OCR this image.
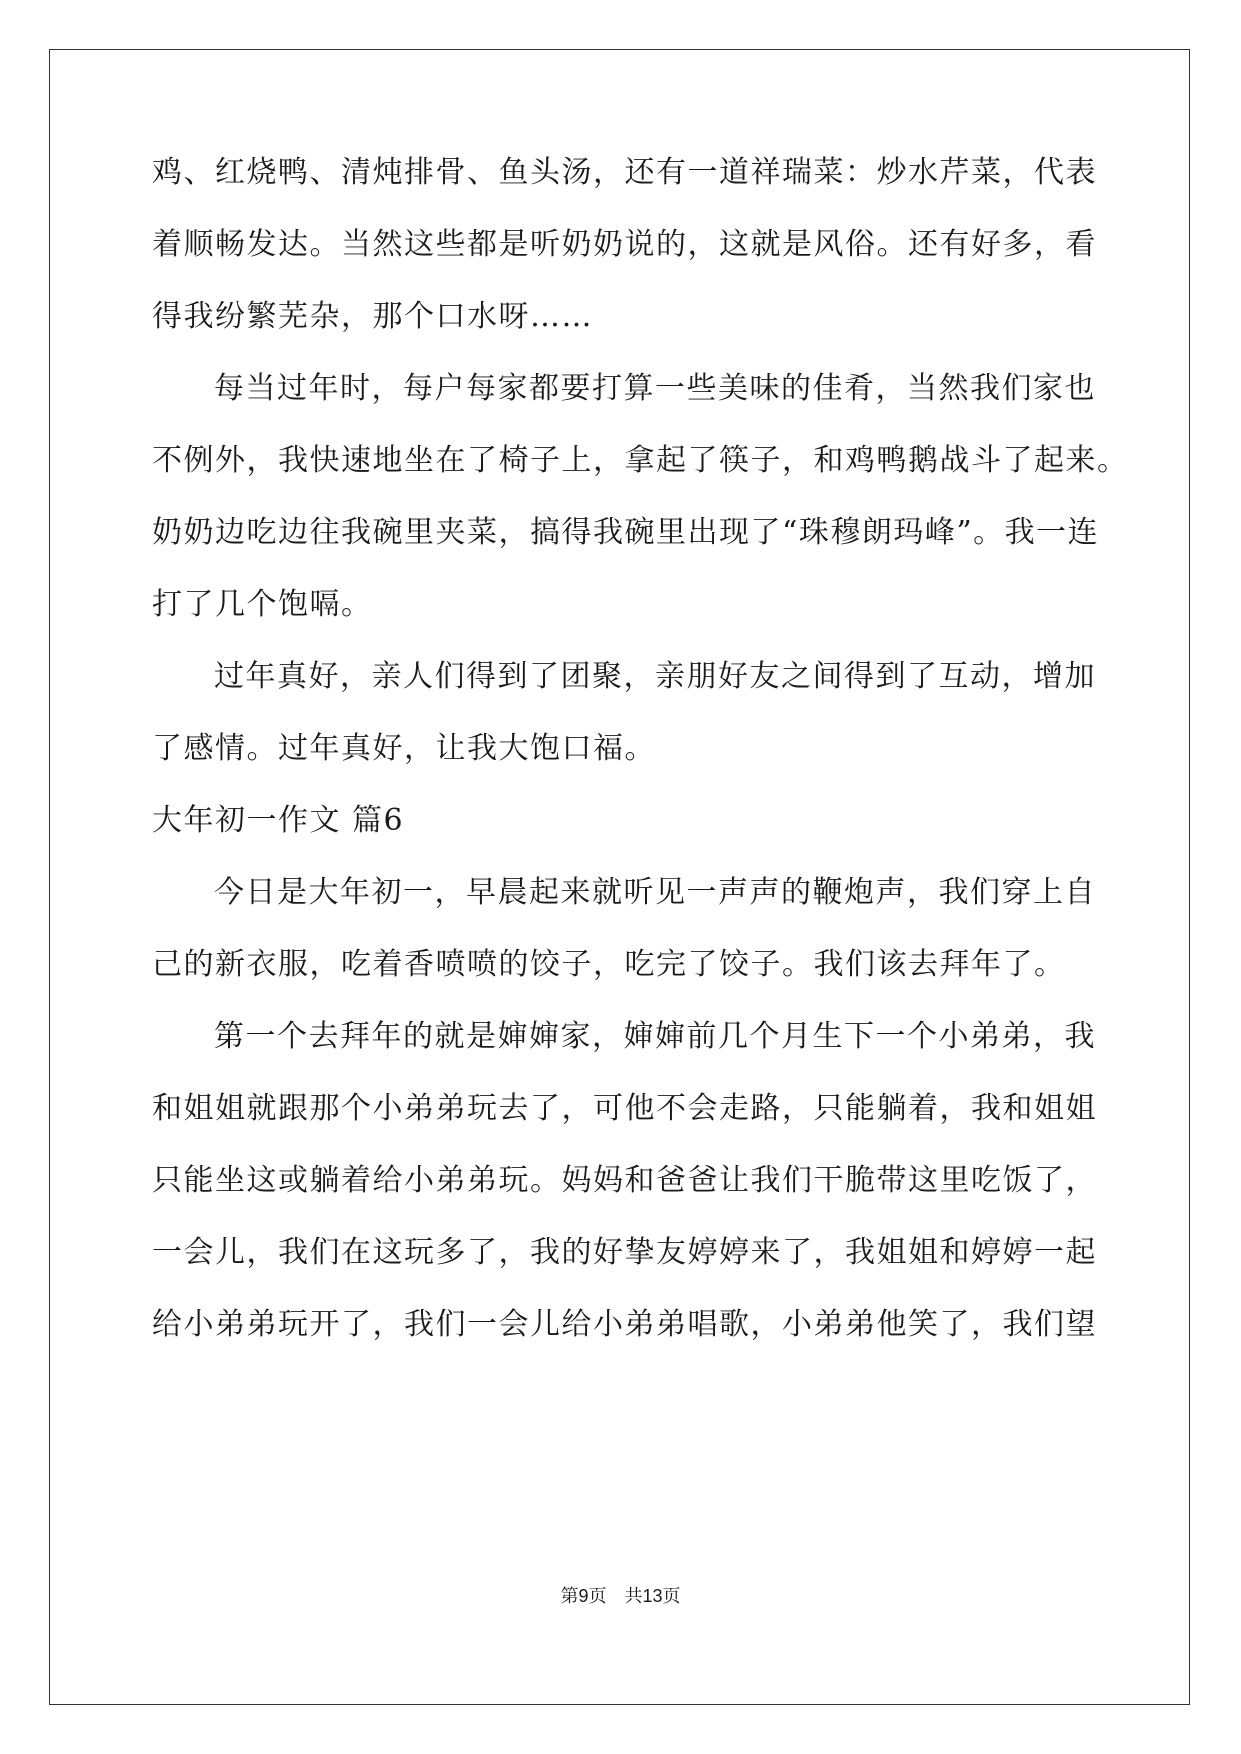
鸡、红烧鸭、清炖排骨、鱼头汤，还有一道祥瑞菜：炒水芹菜，代表
着顺畅发达。当然这些都是听奶奶说的，这就是风俗。还有好多，看
得我纷繁芜杂，那个口水呀……
每当过年时，每户每家都要打算一些美味的佳肴，当然我们家也
不例外，我快速地坐在了椅子上，拿起了筷子，和鸡鸭鹅战斗了起来。
奶奶边吃边往我碗里夹菜，搞得我碗里出现了“珠穆朗玛峰”。我一连
打了几个饱嗝。
过年真好，亲人们得到了团聚，亲朋好友之间得到了互动，增加
了感情。过年真好，让我大饱口福。
大年初一作文 篇6
今日是大年初一，早晨起来就听见一声声的鞭炮声，我们穿上自
己的新衣服，吃着香喷喷的饺子，吃完了饺子。我们该去拜年了。
第一个去拜年的就是婶婶家，婶婶前几个月生下一个小弟弟，我
和姐姐就跟那个小弟弟玩去了，可他不会走路，只能躺着，我和姐姐
只能坐这或躺着给小弟弟玩。妈妈和爸爸让我们干脆带这里吃饭了，
一会儿，我们在这玩多了，我的好挚友婷婷来了，我姐姐和婷婷一起
给小弟弟玩开了，我们一会儿给小弟弟唱歌，小弟弟他笑了，我们望
第9页　共13页
